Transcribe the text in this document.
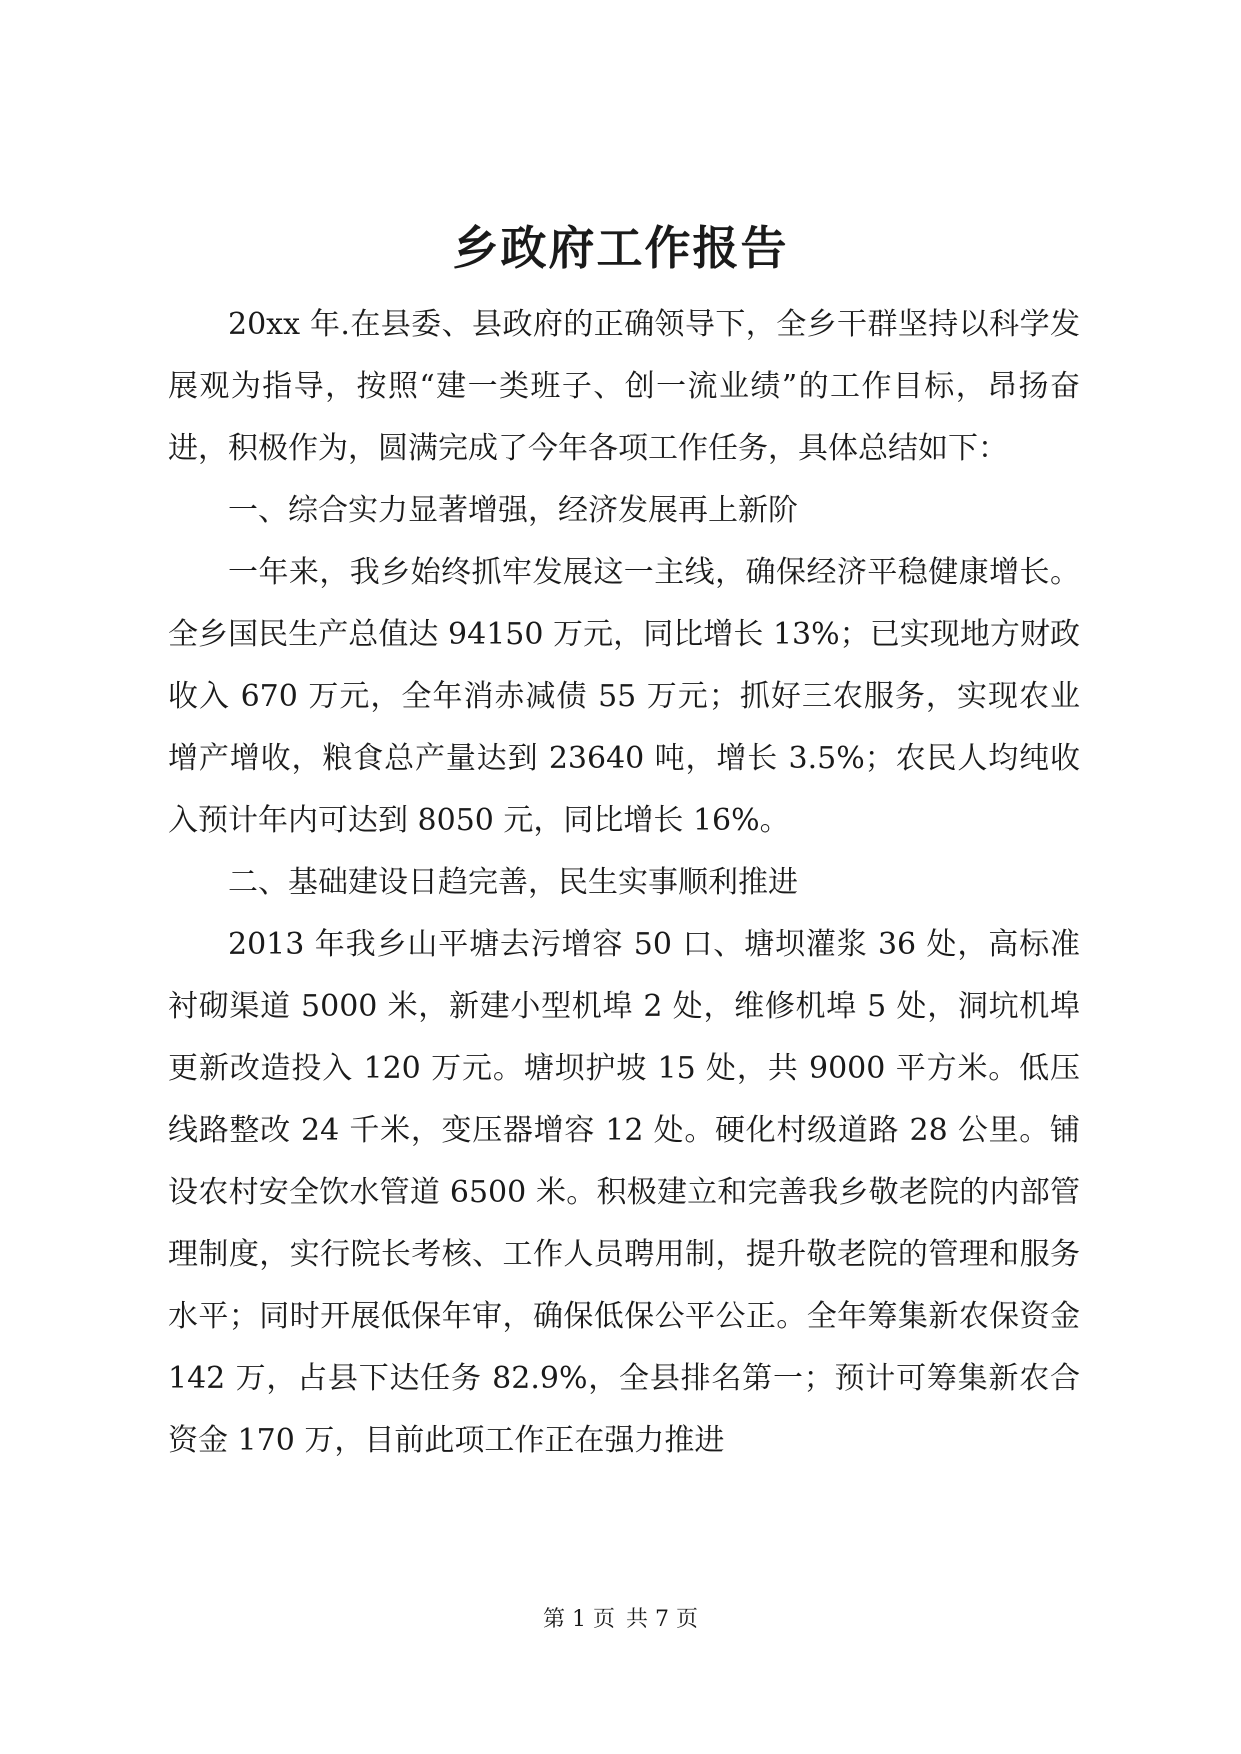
乡政府工作报告

20xx 年.在县委、县政府的正确领导下，全乡干群坚持以科学发展观为指导，按照“建一类班子、创一流业绩”的工作目标，昂扬奋进，积极作为，圆满完成了今年各项工作任务，具体总结如下：

一、综合实力显著增强，经济发展再上新阶

一年来，我乡始终抓牢发展这一主线，确保经济平稳健康增长。全乡国民生产总值达 94150 万元，同比增长 13%；已实现地方财政收入 670 万元，全年消赤减债 55 万元；抓好三农服务，实现农业增产增收，粮食总产量达到 23640 吨，增长 3.5%；农民人均纯收入预计年内可达到 8050 元，同比增长 16%。

二、基础建设日趋完善，民生实事顺利推进

2013 年我乡山平塘去污增容 50 口、塘坝灌浆 36 处，高标准衬砌渠道 5000 米，新建小型机埠 2 处，维修机埠 5 处，洞坑机埠更新改造投入 120 万元。塘坝护坡 15 处，共 9000 平方米。低压线路整改 24 千米，变压器增容 12 处。硬化村级道路 28 公里。铺设农村安全饮水管道 6500 米。积极建立和完善我乡敬老院的内部管理制度，实行院长考核、工作人员聘用制，提升敬老院的管理和服务水平；同时开展低保年审，确保低保公平公正。全年筹集新农保资金 142 万，占县下达任务 82.9%，全县排名第一；预计可筹集新农合资金 170 万，目前此项工作正在强力推进

第 1 页 共 7 页
